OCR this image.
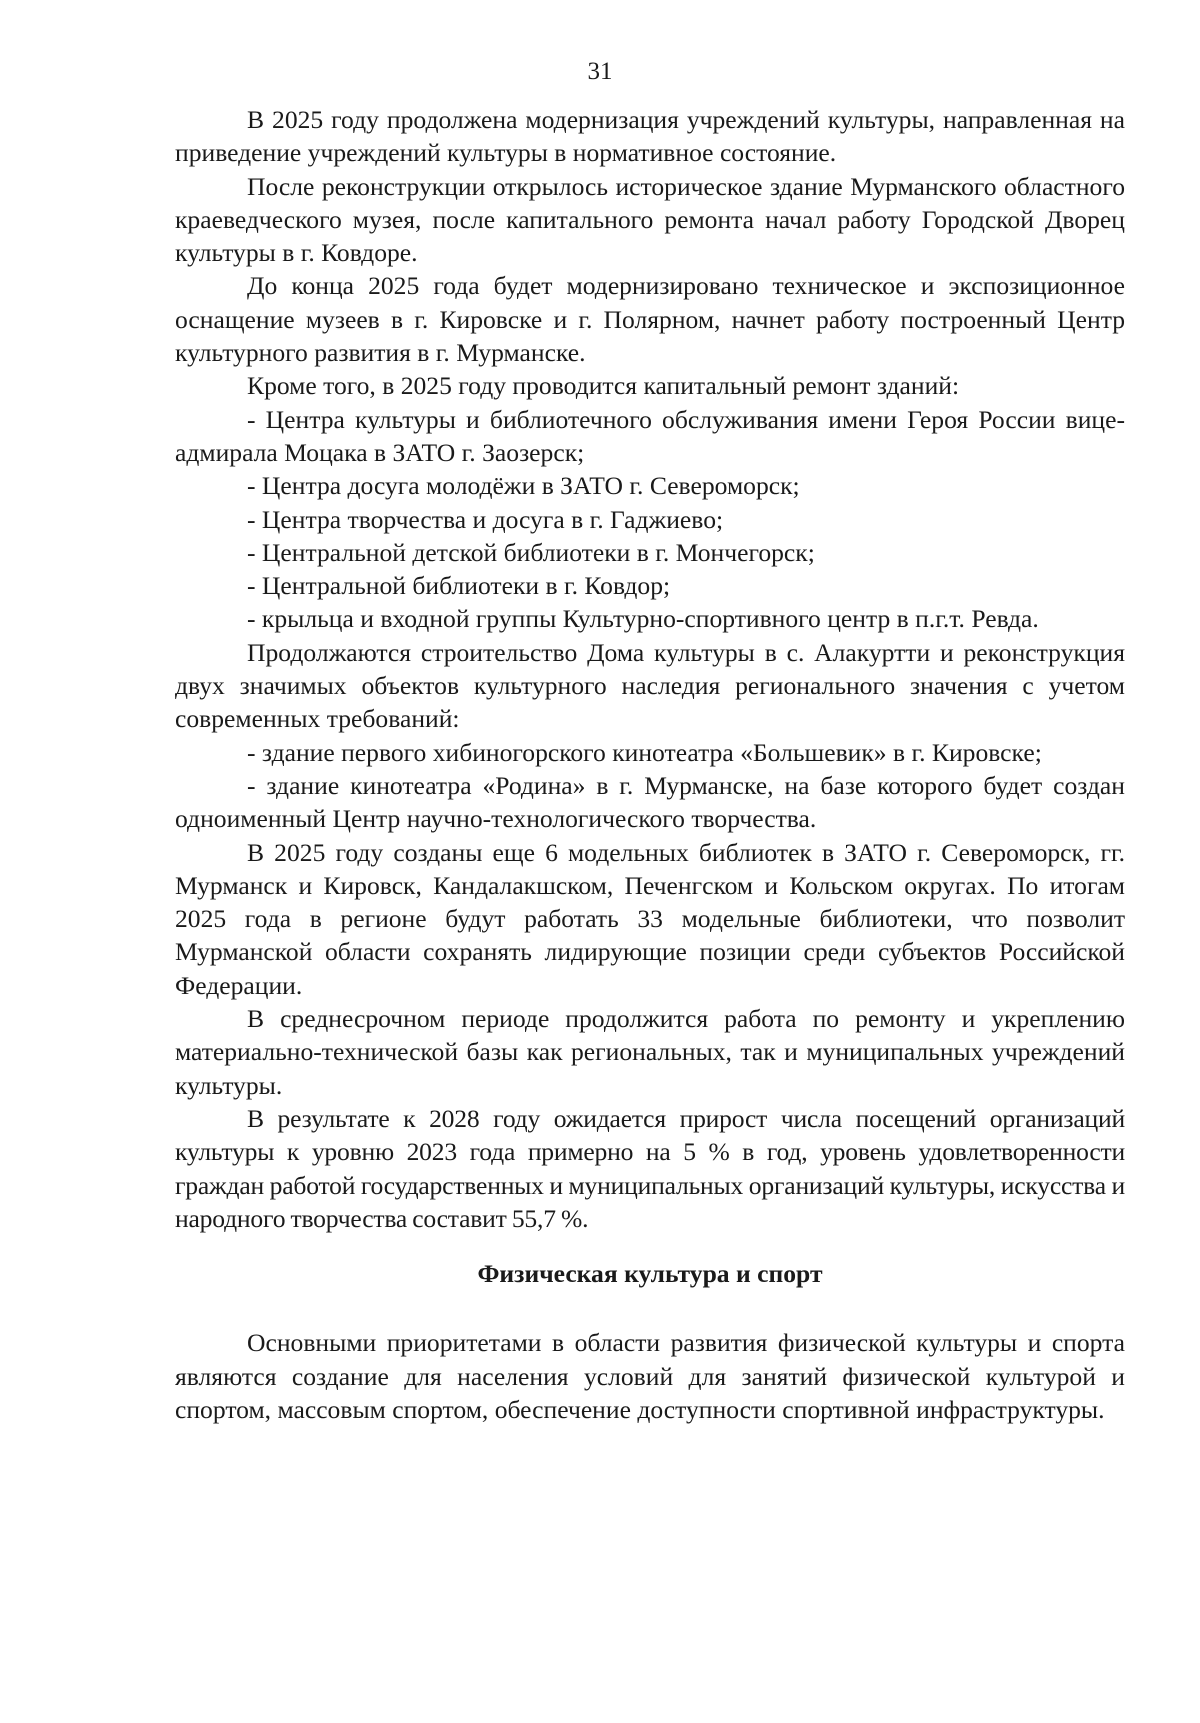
31

В 2025 году продолжена модернизация учреждений культуры, направленная на приведение учреждений культуры в нормативное состояние.

После реконструкции открылось историческое здание Мурманского областного краеведческого музея, после капитального ремонта начал работу Городской Дворец культуры в г. Ковдоре.

До конца 2025 года будет модернизировано техническое и экспозиционное оснащение музеев в г. Кировске и г. Полярном, начнет работу построенный Центр культурного развития в г. Мурманске.

Кроме того, в 2025 году проводится капитальный ремонт зданий:

- Центра культуры и библиотечного обслуживания имени Героя России вице-адмирала Моцака в ЗАТО г. Заозерск;

- Центра досуга молодёжи в ЗАТО г. Североморск;

- Центра творчества и досуга в г. Гаджиево;

- Центральной детской библиотеки в г. Мончегорск;

- Центральной библиотеки в г. Ковдор;

- крыльца и входной группы Культурно-спортивного центр в п.г.т. Ревда.

Продолжаются строительство Дома культуры в с. Алакуртти и реконструкция двух значимых объектов культурного наследия регионального значения с учетом современных требований:

- здание первого хибиногорского кинотеатра «Большевик» в г. Кировске;

- здание кинотеатра «Родина» в г. Мурманске, на базе которого будет создан одноименный Центр научно-технологического творчества.

В 2025 году созданы еще 6 модельных библиотек в ЗАТО г. Североморск, гг. Мурманск и Кировск, Кандалакшском, Печенгском и Кольском округах. По итогам 2025 года в регионе будут работать 33 модельные библиотеки, что позволит Мурманской области сохранять лидирующие позиции среди субъектов Российской Федерации.

В среднесрочном периоде продолжится работа по ремонту и укреплению материально-технической базы как региональных, так и муниципальных учреждений культуры.

В результате к 2028 году ожидается прирост числа посещений организаций культуры к уровню 2023 года примерно на 5 % в год, уровень удовлетворенности граждан работой государственных и муниципальных организаций культуры, искусства и народного творчества составит 55,7 %.

Физическая культура и спорт

Основными приоритетами в области развития физической культуры и спорта являются создание для населения условий для занятий физической культурой и спортом, массовым спортом, обеспечение доступности спортивной инфраструктуры.
